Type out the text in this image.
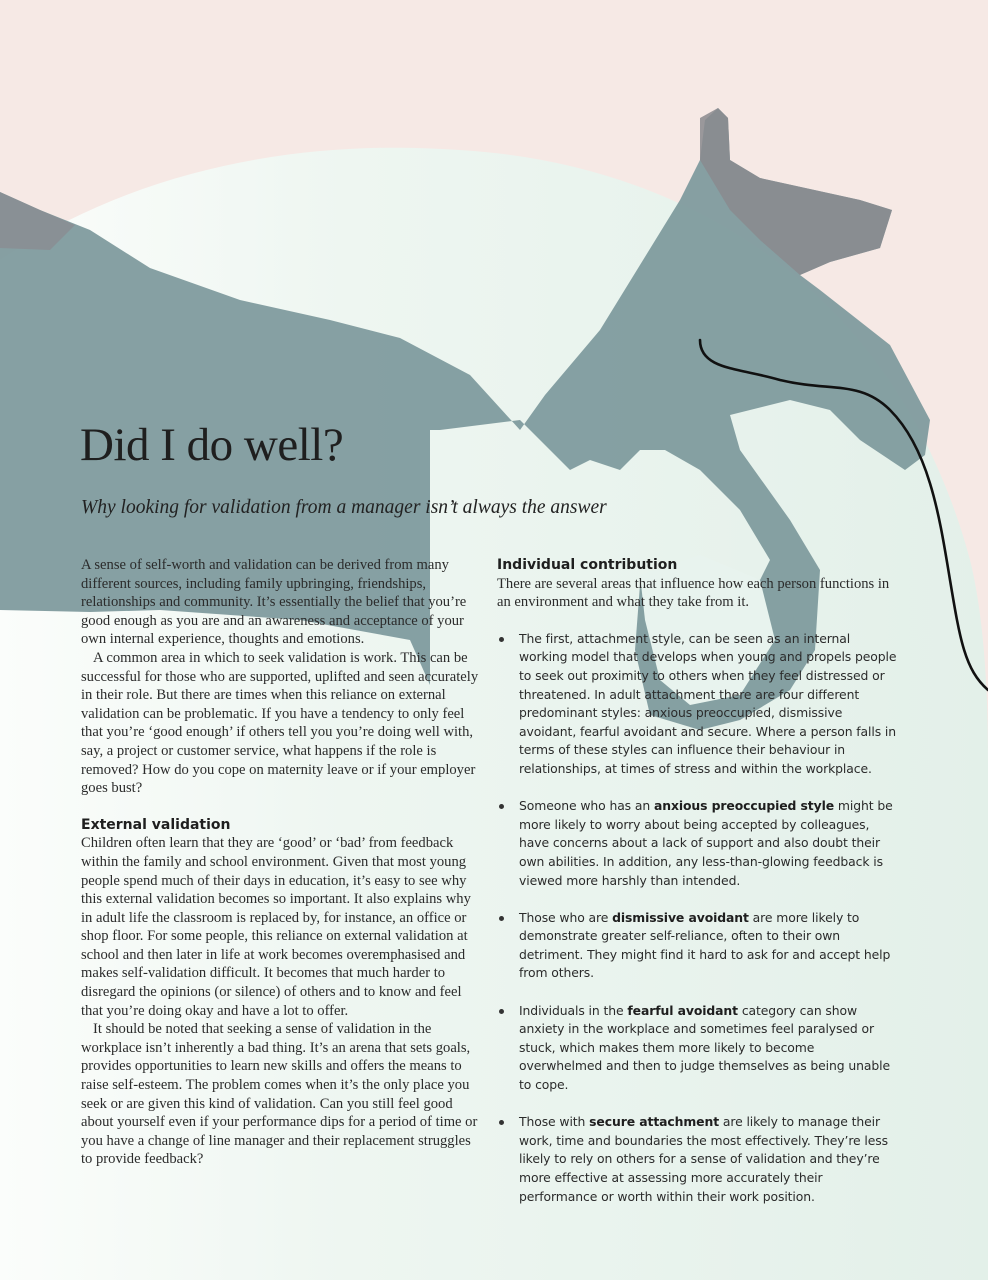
Did I do well?

Why looking for validation from a manager isn’t always the answer

A sense of self-worth and validation can be derived from many different sources, including family upbringing, friendships, relationships and community. It’s essentially the belief that you’re good enough as you are and an awareness and acceptance of your own internal experience, thoughts and emotions.

A common area in which to seek validation is work. This can be successful for those who are supported, uplifted and seen accurately in their role. But there are times when this reliance on external validation can be problematic. If you have a tendency to only feel that you’re ‘good enough’ if others tell you you’re doing well with, say, a project or customer service, what happens if the role is removed? How do you cope on maternity leave or if your employer goes bust?

External validation

Children often learn that they are ‘good’ or ‘bad’ from feedback within the family and school environment. Given that most young people spend much of their days in education, it’s easy to see why this external validation becomes so important. It also explains why in adult life the classroom is replaced by, for instance, an office or shop floor. For some people, this reliance on external validation at school and then later in life at work becomes overemphasised and makes self-validation difficult. It becomes that much harder to disregard the opinions (or silence) of others and to know and feel that you’re doing okay and have a lot to offer.

It should be noted that seeking a sense of validation in the workplace isn’t inherently a bad thing. It’s an arena that sets goals, provides opportunities to learn new skills and offers the means to raise self-esteem. The problem comes when it’s the only place you seek or are given this kind of validation. Can you still feel good about yourself even if your performance dips for a period of time or you have a change of line manager and their replacement struggles to provide feedback?

Individual contribution

There are several areas that influence how each person functions in an environment and what they take from it.

The first, attachment style, can be seen as an internal working model that develops when young and propels people to seek out proximity to others when they feel distressed or threatened. In adult attachment there are four different predominant styles: anxious preoccupied, dismissive avoidant, fearful avoidant and secure. Where a person falls in terms of these styles can influence their behaviour in relationships, at times of stress and within the workplace.
Someone who has an anxious preoccupied style might be more likely to worry about being accepted by colleagues, have concerns about a lack of support and also doubt their own abilities. In addition, any less-than-glowing feedback is viewed more harshly than intended.
Those who are dismissive avoidant are more likely to demonstrate greater self-reliance, often to their own detriment. They might find it hard to ask for and accept help from others.
Individuals in the fearful avoidant category can show anxiety in the workplace and sometimes feel paralysed or stuck, which makes them more likely to become overwhelmed and then to judge themselves as being unable to cope.
Those with secure attachment are likely to manage their work, time and boundaries the most effectively. They’re less likely to rely on others for a sense of validation and they’re more effective at assessing more accurately their performance or worth within their work position.
